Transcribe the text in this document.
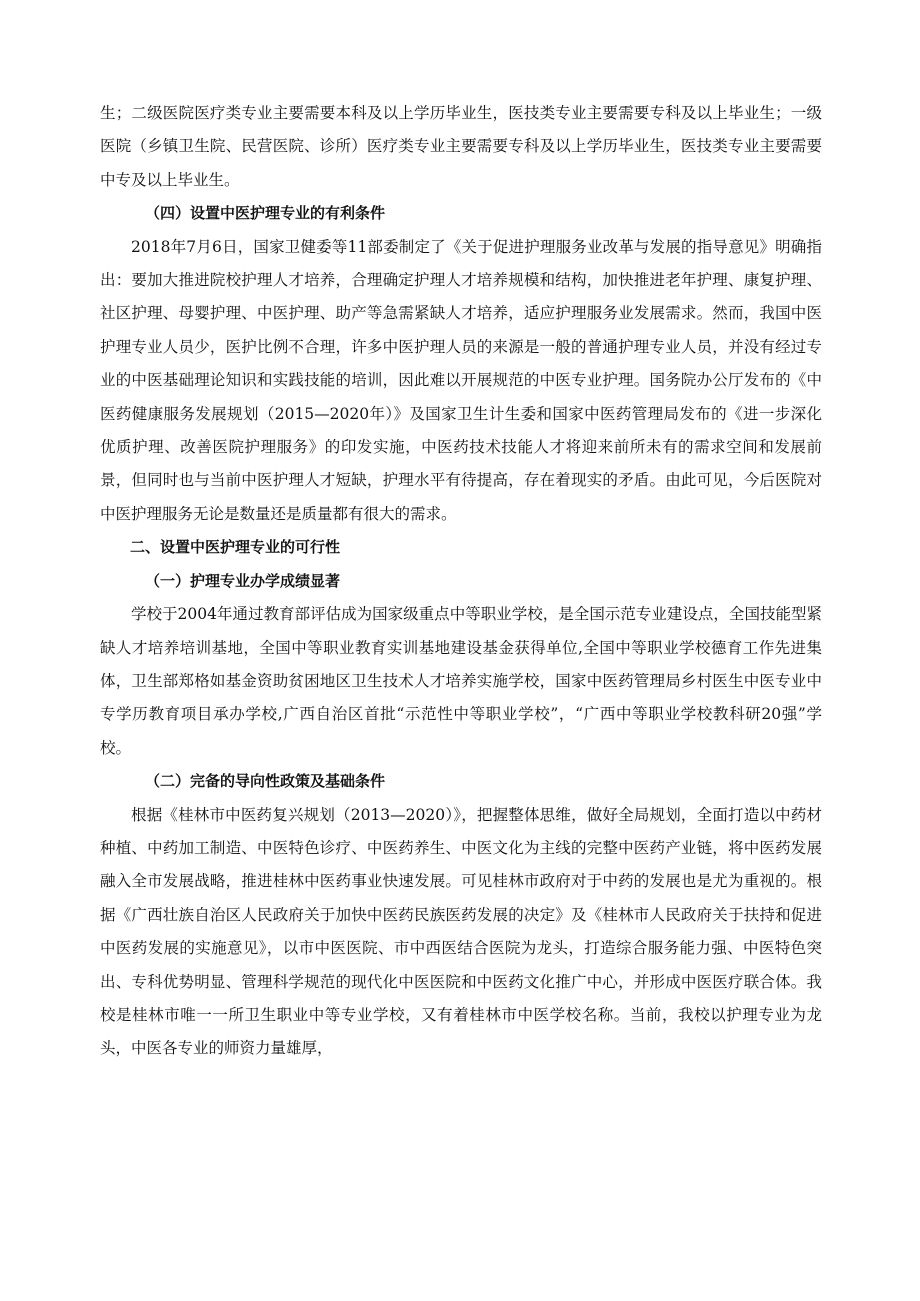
生；二级医院医疗类专业主要需要本科及以上学历毕业生，医技类专业主要需要专科及以上毕业生；一级医院（乡镇卫生院、民营医院、诊所）医疗类专业主要需要专科及以上学历毕业生，医技类专业主要需要中专及以上毕业生。

（四）设置中医护理专业的有利条件

2018年7月6日，国家卫健委等11部委制定了《关于促进护理服务业改革与发展的指导意见》明确指出：要加大推进院校护理人才培养，合理确定护理人才培养规模和结构，加快推进老年护理、康复护理、社区护理、母婴护理、中医护理、助产等急需紧缺人才培养，适应护理服务业发展需求。然而，我国中医护理专业人员少，医护比例不合理，许多中医护理人员的来源是一般的普通护理专业人员，并没有经过专业的中医基础理论知识和实践技能的培训，因此难以开展规范的中医专业护理。国务院办公厅发布的《中医药健康服务发展规划（2015—2020年）》及国家卫生计生委和国家中医药管理局发布的《进一步深化优质护理、改善医院护理服务》的印发实施，中医药技术技能人才将迎来前所未有的需求空间和发展前景，但同时也与当前中医护理人才短缺，护理水平有待提高，存在着现实的矛盾。由此可见，今后医院对中医护理服务无论是数量还是质量都有很大的需求。

二、设置中医护理专业的可行性

（一）护理专业办学成绩显著

学校于2004年通过教育部评估成为国家级重点中等职业学校，是全国示范专业建设点，全国技能型紧缺人才培养培训基地，全国中等职业教育实训基地建设基金获得单位,全国中等职业学校德育工作先进集体，卫生部郑格如基金资助贫困地区卫生技术人才培养实施学校，国家中医药管理局乡村医生中医专业中专学历教育项目承办学校,广西自治区首批“示范性中等职业学校”，“广西中等职业学校教科研20强”学校。

（二）完备的导向性政策及基础条件

根据《桂林市中医药复兴规划（2013—2020）》，把握整体思维，做好全局规划，全面打造以中药材种植、中药加工制造、中医特色诊疗、中医药养生、中医文化为主线的完整中医药产业链，将中医药发展融入全市发展战略，推进桂林中医药事业快速发展。可见桂林市政府对于中药的发展也是尤为重视的。根据《广西壮族自治区人民政府关于加快中医药民族医药发展的决定》及《桂林市人民政府关于扶持和促进中医药发展的实施意见》，以市中医医院、市中西医结合医院为龙头，打造综合服务能力强、中医特色突出、专科优势明显、管理科学规范的现代化中医医院和中医药文化推广中心，并形成中医医疗联合体。我校是桂林市唯一一所卫生职业中等专业学校，又有着桂林市中医学校名称。当前，我校以护理专业为龙头，中医各专业的师资力量雄厚，
